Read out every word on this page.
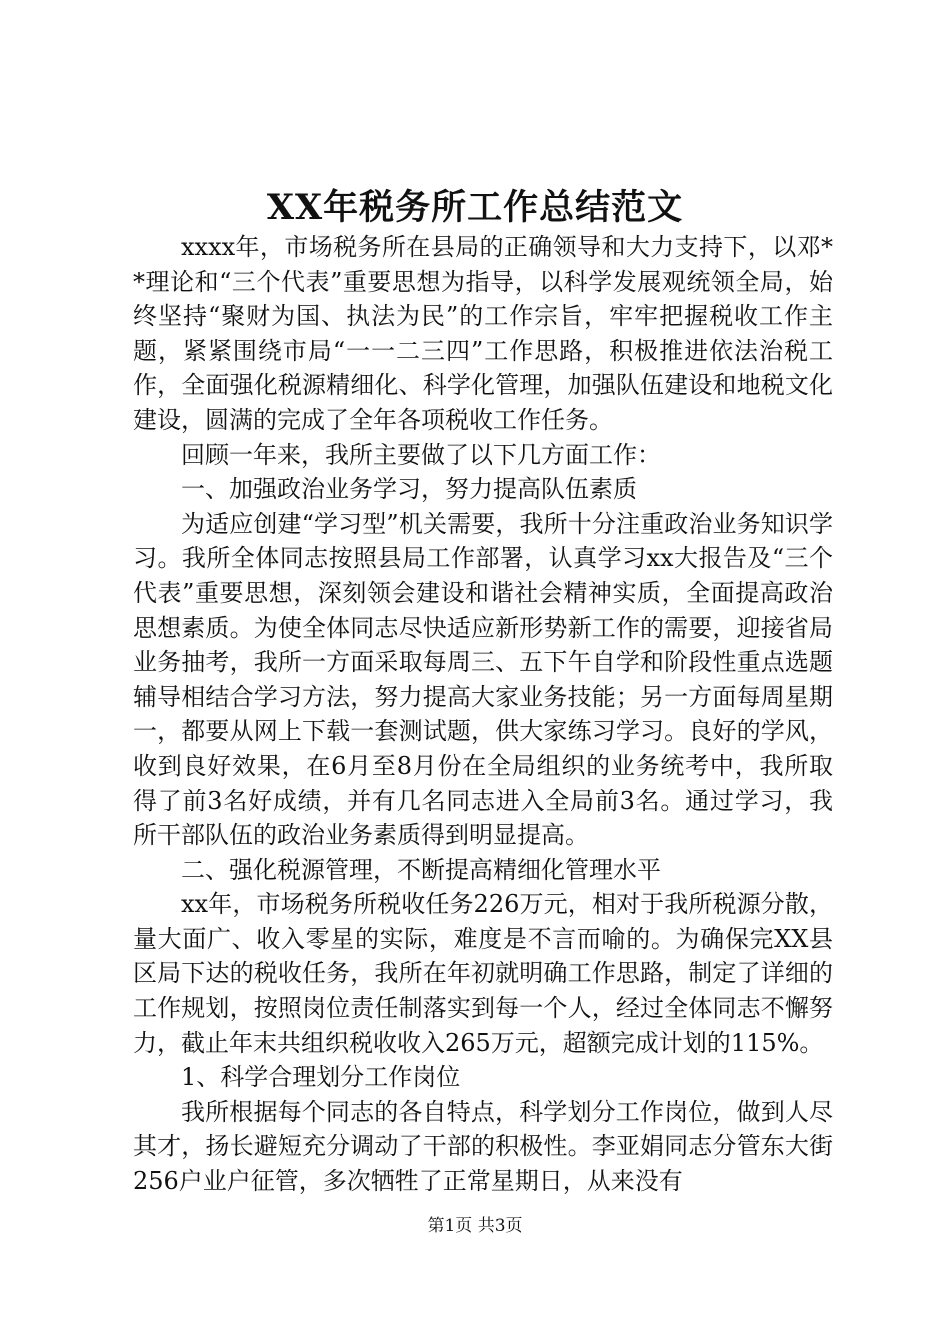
XX年税务所工作总结范文

xxxx年，市场税务所在县局的正确领导和大力支持下，以邓**理论和“三个代表”重要思想为指导，以科学发展观统领全局，始终坚持“聚财为国、执法为民”的工作宗旨，牢牢把握税收工作主题，紧紧围绕市局“一一二三四”工作思路，积极推进依法治税工作，全面强化税源精细化、科学化管理，加强队伍建设和地税文化建设，圆满的完成了全年各项税收工作任务。

回顾一年来，我所主要做了以下几方面工作：

一、加强政治业务学习，努力提高队伍素质

为适应创建“学习型”机关需要，我所十分注重政治业务知识学习。我所全体同志按照县局工作部署，认真学习xx大报告及“三个代表”重要思想，深刻领会建设和谐社会精神实质，全面提高政治思想素质。为使全体同志尽快适应新形势新工作的需要，迎接省局业务抽考，我所一方面采取每周三、五下午自学和阶段性重点选题辅导相结合学习方法，努力提高大家业务技能；另一方面每周星期一，都要从网上下载一套测试题，供大家练习学习。良好的学风，收到良好效果，在6月至8月份在全局组织的业务统考中，我所取得了前3名好成绩，并有几名同志进入全局前3名。通过学习，我所干部队伍的政治业务素质得到明显提高。

二、强化税源管理，不断提高精细化管理水平

xx年，市场税务所税收任务226万元，相对于我所税源分散，量大面广、收入零星的实际，难度是不言而喻的。为确保完XX县区局下达的税收任务，我所在年初就明确工作思路，制定了详细的工作规划，按照岗位责任制落实到每一个人，经过全体同志不懈努力，截止年末共组织税收收入265万元，超额完成计划的115%。

1、科学合理划分工作岗位

我所根据每个同志的各自特点，科学划分工作岗位，做到人尽其才，扬长避短充分调动了干部的积极性。李亚娟同志分管东大街256户业户征管，多次牺牲了正常星期日，从来没有

第1页 共3页
